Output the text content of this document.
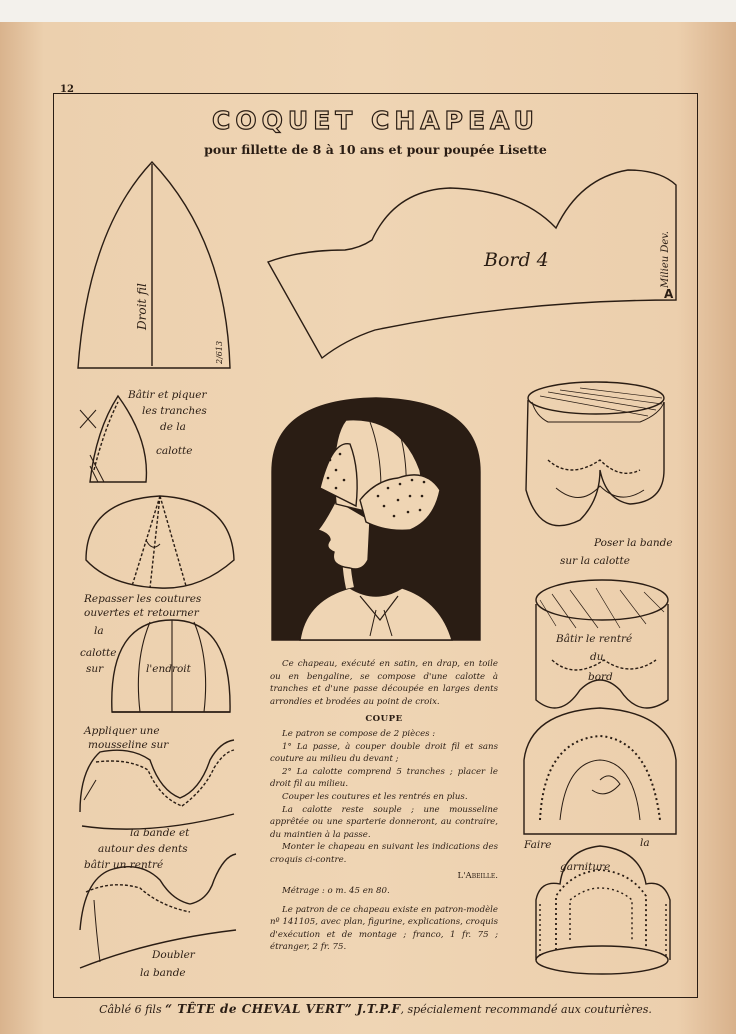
12
COQUET CHAPEAU
pour fillette de 8 à 10 ans et pour poupée Lisette
Droit fil
2/613
Bord 4	Milieu Dev.
A
Bâtir et piquer
les tranches
de la
calotte
Repasser les coutures
ouvertes et retourner
la
calotte
sur	l'endroit
Appliquer une
mousseline sur
la bande et
autour des dents
bâtir un rentré
Doubler
la bande
Poser la bande
sur la calotte
Bâtir le rentré
du
bord
Faire	la
garniture

Ce chapeau, exécuté en satin, en drap, en toile ou en bengaline, se compose d'une calotte à tranches et d'une passe découpée en larges dents arrondies et brodées au point de croix.

COUPE

Le patron se compose de 2 pièces :

1° La passe, à couper double droit fil et sans couture au milieu du devant ;

2° La calotte comprend 5 tranches ; placer le droit fil au milieu.

Couper les coutures et les rentrés en plus.

La calotte reste souple ; une mousseline apprêtée ou une sparterie donneront, au contraire, du maintien à la passe.

Monter le chapeau en suivant les indications des croquis ci-contre.

L'Abeille.

Métrage : o m. 45 en 80.

Le patron de ce chapeau existe en patron-modèle nº 141105, avec plan, figurine, explications, croquis d'exécution et de montage ; franco, 1 fr. 75 ; étranger, 2 fr. 75.

Câblé 6 fils “ TÊTE de CHEVAL VERT” J.T.P.F, spécialement recommandé aux couturières.
